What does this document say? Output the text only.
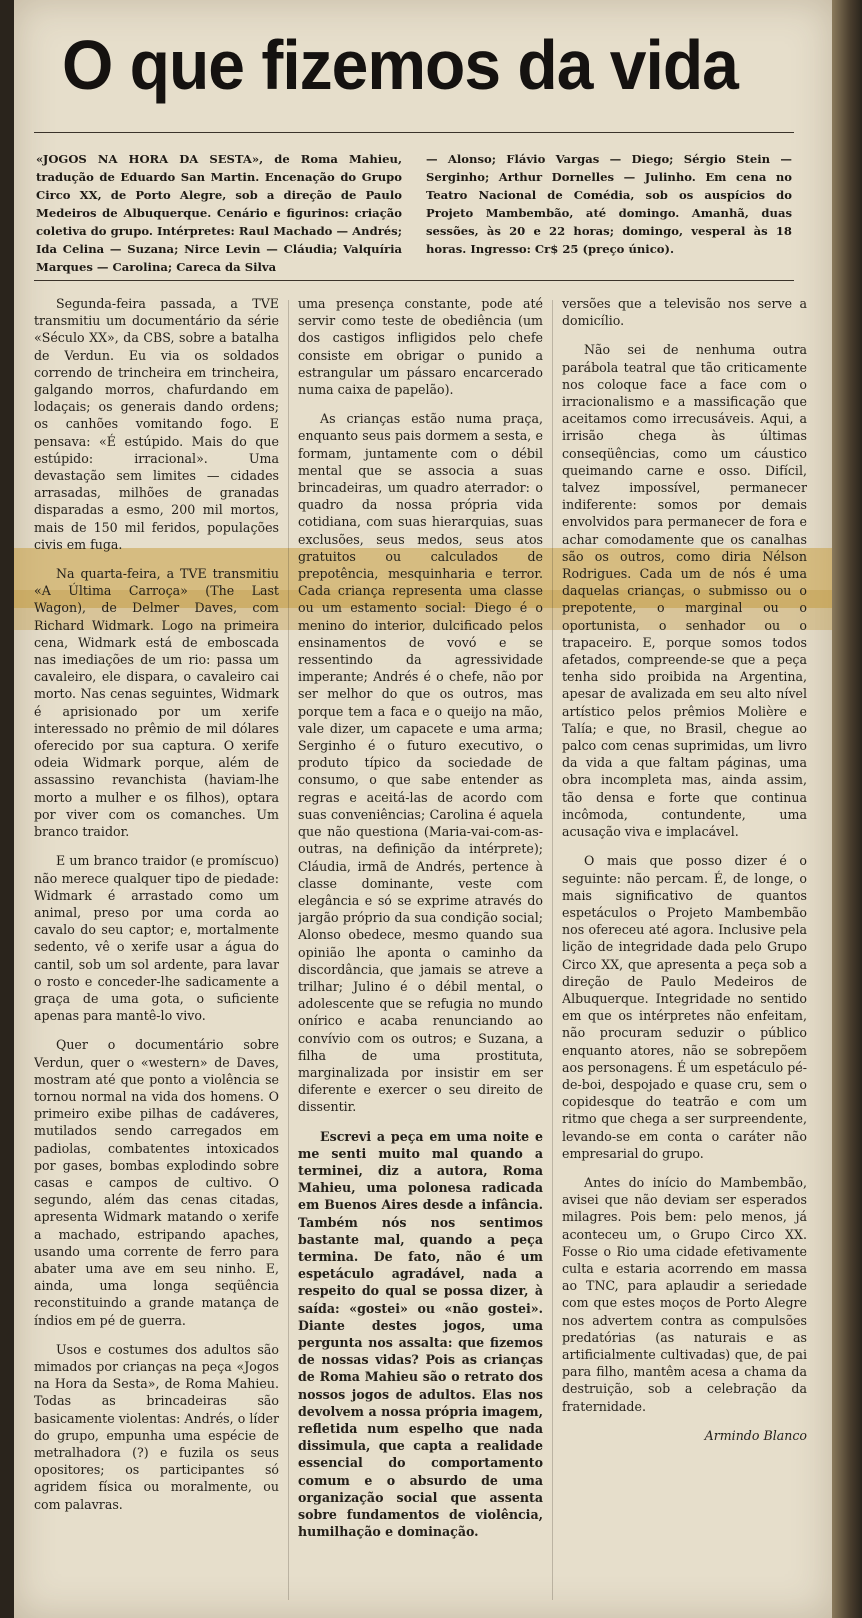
O que fizemos da vida
«JOGOS NA HORA DA SESTA», de Roma Mahieu, tradução de Eduardo San Martin. Encenação do Grupo Circo XX, de Porto Alegre, sob a direção de Paulo Medeiros de Albuquerque. Cenário e figurinos: criação coletiva do grupo. Intérpretes: Raul Machado — Andrés; Ida Celina — Suzana; Nirce Levin — Cláudia; Valquíria Marques — Carolina; Careca da Silva
— Alonso; Flávio Vargas — Diego; Sérgio Stein — Serginho; Arthur Dornelles — Julinho. Em cena no Teatro Nacional de Comédia, sob os auspícios do Projeto Mambembão, até domingo. Amanhã, duas sessões, às 20 e 22 horas; domingo, vesperal às 18 horas. Ingresso: Cr$ 25 (preço único).

Segunda-feira passada, a TVE transmitiu um documentário da série «Século XX», da CBS, sobre a batalha de Verdun. Eu via os soldados correndo de trincheira em trincheira, galgando morros, chafurdando em lodaçais; os generais dando ordens; os canhões vomitando fogo. E pensava: «É estúpido. Mais do que estúpido: irracional». Uma devastação sem limites — cidades arrasadas, milhões de granadas disparadas a esmo, 200 mil mortos, mais de 150 mil feridos, populações civis em fuga.

Na quarta-feira, a TVE transmitiu «A Última Carroça» (The Last Wagon), de Delmer Daves, com Richard Widmark. Logo na primeira cena, Widmark está de emboscada nas imediações de um rio: passa um cavaleiro, ele dispara, o cavaleiro cai morto. Nas cenas seguintes, Widmark é aprisionado por um xerife interessado no prêmio de mil dólares oferecido por sua captura. O xerife odeia Widmark porque, além de assassino revanchista (haviam-lhe morto a mulher e os filhos), optara por viver com os comanches. Um branco traidor.

E um branco traidor (e promíscuo) não merece qualquer tipo de piedade: Widmark é arrastado como um animal, preso por uma corda ao cavalo do seu captor; e, mortalmente sedento, vê o xerife usar a água do cantil, sob um sol ardente, para lavar o rosto e conceder-lhe sadicamente a graça de uma gota, o suficiente apenas para mantê-lo vivo.

Quer o documentário sobre Verdun, quer o «western» de Daves, mostram até que ponto a violência se tornou normal na vida dos homens. O primeiro exibe pilhas de cadáveres, mutilados sendo carregados em padiolas, combatentes intoxicados por gases, bombas explodindo sobre casas e campos de cultivo. O segundo, além das cenas citadas, apresenta Widmark matando o xerife a machado, estripando apaches, usando uma corrente de ferro para abater uma ave em seu ninho. E, ainda, uma longa seqüência reconstituindo a grande matança de índios em pé de guerra.

Usos e costumes dos adultos são mimados por crianças na peça «Jogos na Hora da Sesta», de Roma Mahieu. Todas as brincadeiras são basicamente violentas: Andrés, o líder do grupo, empunha uma espécie de metralhadora (?) e fuzila os seus opositores; os participantes só agridem física ou moralmente, ou com palavras.

uma presença constante, pode até servir como teste de obediência (um dos castigos infligidos pelo chefe consiste em obrigar o punido a estrangular um pássaro encarcerado numa caixa de papelão).

As crianças estão numa praça, enquanto seus pais dormem a sesta, e formam, juntamente com o débil mental que se associa a suas brincadeiras, um quadro aterrador: o quadro da nossa própria vida cotidiana, com suas hierarquias, suas exclusões, seus medos, seus atos gratuitos ou calculados de prepotência, mesquinharia e terror. Cada criança representa uma classe ou um estamento social: Diego é o menino do interior, dulcificado pelos ensinamentos de vovó e se ressentindo da agressividade imperante; Andrés é o chefe, não por ser melhor do que os outros, mas porque tem a faca e o queijo na mão, vale dizer, um capacete e uma arma; Serginho é o futuro executivo, o produto típico da sociedade de consumo, o que sabe entender as regras e aceitá-las de acordo com suas conveniências; Carolina é aquela que não questiona (Maria-vai-com-as-outras, na definição da intérprete); Cláudia, irmã de Andrés, pertence à classe dominante, veste com elegância e só se exprime através do jargão próprio da sua condição social; Alonso obedece, mesmo quando sua opinião lhe aponta o caminho da discordância, que jamais se atreve a trilhar; Julino é o débil mental, o adolescente que se refugia no mundo onírico e acaba renunciando ao convívio com os outros; e Suzana, a filha de uma prostituta, marginalizada por insistir em ser diferente e exercer o seu direito de dissentir.

Escrevi a peça em uma noite e me senti muito mal quando a terminei, diz a autora, Roma Mahieu, uma polonesa radicada em Buenos Aires desde a infância. Também nós nos sentimos bastante mal, quando a peça termina. De fato, não é um espetáculo agradável, nada a respeito do qual se possa dizer, à saída: «gostei» ou «não gostei». Diante destes jogos, uma pergunta nos assalta: que fizemos de nossas vidas? Pois as crianças de Roma Mahieu são o retrato dos nossos jogos de adultos. Elas nos devolvem a nossa própria imagem, refletida num espelho que nada dissimula, que capta a realidade essencial do comportamento comum e o absurdo de uma organização social que assenta sobre fundamentos de violência, humilhação e dominação.

versões que a televisão nos serve a domicílio.

Não sei de nenhuma outra parábola teatral que tão criticamente nos coloque face a face com o irracionalismo e a massificação que aceitamos como irrecusáveis. Aqui, a irrisão chega às últimas conseqüências, como um cáustico queimando carne e osso. Difícil, talvez impossível, permanecer indiferente: somos por demais envolvidos para permanecer de fora e achar comodamente que os canalhas são os outros, como diria Nélson Rodrigues. Cada um de nós é uma daquelas crianças, o submisso ou o prepotente, o marginal ou o oportunista, o senhador ou o trapaceiro. E, porque somos todos afetados, compreende-se que a peça tenha sido proibida na Argentina, apesar de avalizada em seu alto nível artístico pelos prêmios Molière e Talía; e que, no Brasil, chegue ao palco com cenas suprimidas, um livro da vida a que faltam páginas, uma obra incompleta mas, ainda assim, tão densa e forte que continua incômoda, contundente, uma acusação viva e implacável.

O mais que posso dizer é o seguinte: não percam. É, de longe, o mais significativo de quantos espetáculos o Projeto Mambembão nos ofereceu até agora. Inclusive pela lição de integridade dada pelo Grupo Circo XX, que apresenta a peça sob a direção de Paulo Medeiros de Albuquerque. Integridade no sentido em que os intérpretes não enfeitam, não procuram seduzir o público enquanto atores, não se sobrepõem aos personagens. É um espetáculo pé-de-boi, despojado e quase cru, sem o copidesque do teatrão e com um ritmo que chega a ser surpreendente, levando-se em conta o caráter não empresarial do grupo.

Antes do início do Mambembão, avisei que não deviam ser esperados milagres. Pois bem: pelo menos, já aconteceu um, o Grupo Circo XX. Fosse o Rio uma cidade efetivamente culta e estaria acorrendo em massa ao TNC, para aplaudir a seriedade com que estes moços de Porto Alegre nos advertem contra as compulsões predatórias (as naturais e as artificialmente cultivadas) que, de pai para filho, mantêm acesa a chama da destruição, sob a celebração da fraternidade.

Armindo Blanco
